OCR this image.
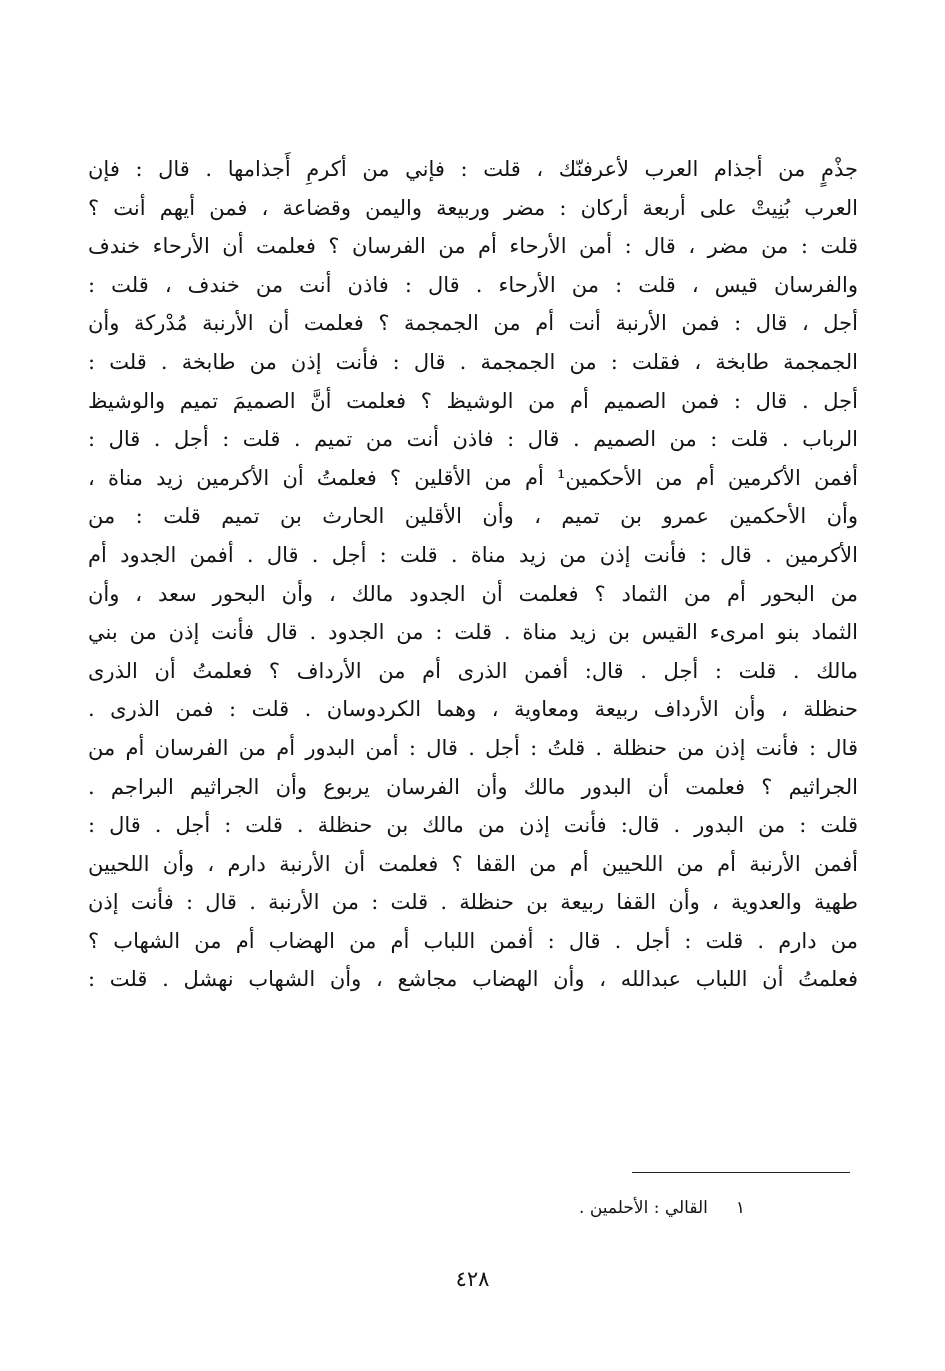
جذْمٍ من أجذام العرب لأعرفنّك ، قلت : فإني من أكرمِ أَجذامها . قال : فإن
العرب بُنِيتْ على أربعة أركان : مضر وربيعة واليمن وقضاعة ، فمن أيهم أنت ؟
قلت : من مضر ، قال : أمن الأرحاء أم من الفرسان ؟ فعلمت أن الأرحاء خندف
والفرسان قيس ، قلت : من الأرحاء . قال : فاذن أنت من خندف ، قلت :
أجل ، قال : فمن الأرنبة أنت أم من الجمجمة ؟ فعلمت أن الأرنبة مُدْركة وأن
الجمجمة طابخة ، فقلت : من الجمجمة . قال : فأنت إذن من طابخة . قلت :
أجل . قال : فمن الصميم أم من الوشيظ ؟ فعلمت أنَّ الصميمَ تميم والوشيظ
الرباب . قلت : من الصميم . قال : فاذن أنت من تميم . قلت : أجل . قال :
أفمن الأكرمين أم من الأحكمين¹ أم من الأقلين ؟ فعلمتُ أن الأكرمين زيد مناة ،
وأن الأحكمين عمرو بن تميم ، وأن الأقلين الحارث بن تميم قلت : من
الأكرمين . قال : فأنت إذن من زيد مناة . قلت : أجل . قال . أفمن الجدود أم
من البحور أم من الثماد ؟ فعلمت أن الجدود مالك ، وأن البحور سعد ، وأن
الثماد بنو امرىء القيس بن زيد مناة . قلت : من الجدود . قال فأنت إذن من بني
مالك . قلت : أجل . قال: أفمن الذرى أم من الأرداف ؟ فعلمتُ أن الذرى
حنظلة ، وأن الأرداف ربيعة ومعاوية ، وهما الكردوسان . قلت : فمن الذرى .
قال : فأنت إذن من حنظلة . قلتُ : أجل . قال : أمن البدور أم من الفرسان أم من
الجراثيم ؟ فعلمت أن البدور مالك وأن الفرسان يربوع وأن الجراثيم البراجم .
قلت : من البدور . قال: فأنت إذن من مالك بن حنظلة . قلت : أجل . قال :
أفمن الأرنبة أم من اللحيين أم من القفا ؟ فعلمت أن الأرنبة دارم ، وأن اللحيين
طهية والعدوية ، وأن القفا ربيعة بن حنظلة . قلت : من الأرنبة . قال : فأنت إذن
من دارم . قلت : أجل . قال : أفمن اللباب أم من الهضاب أم من الشهاب ؟
فعلمتُ أن اللباب عبدالله ، وأن الهضاب مجاشع ، وأن الشهاب نهشل . قلت :
١القالي : الأحلمين .
٤٢٨
